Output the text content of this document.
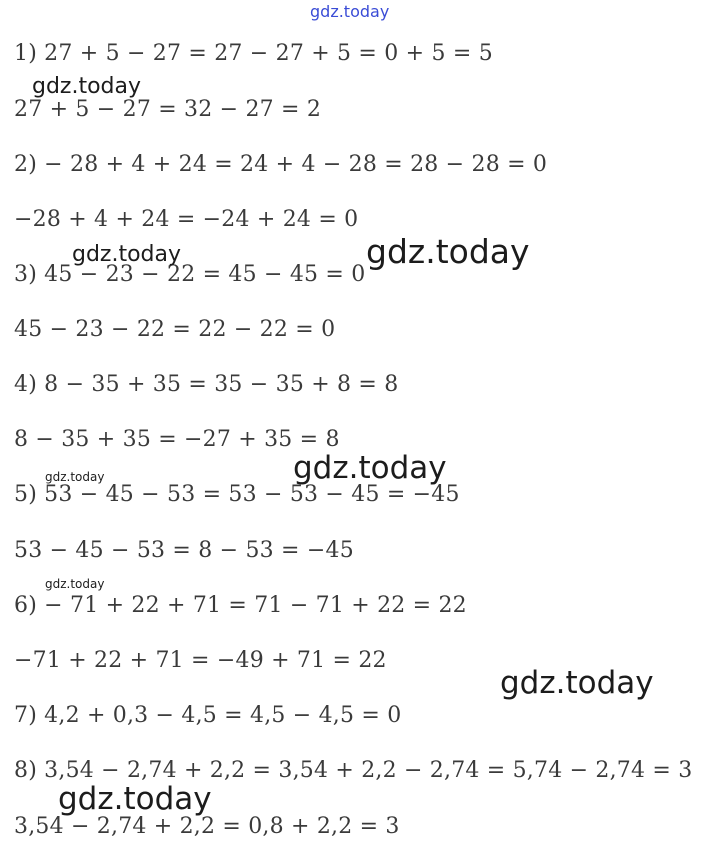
gdz.today
1) 27 + 5 − 27 = 27 − 27 + 5 = 0 + 5 = 5
27 + 5 − 27 = 32 − 27 = 2
2) − 28 + 4 + 24 = 24 + 4 − 28 = 28 − 28 = 0
−28 + 4 + 24 = −24 + 24 = 0
3) 45 − 23 − 22 = 45 − 45 = 0
45 − 23 − 22 = 22 − 22 = 0
4) 8 − 35 + 35 = 35 − 35 + 8 = 8
8 − 35 + 35 = −27 + 35 = 8
5) 53 − 45 − 53 = 53 − 53 − 45 = −45
53 − 45 − 53 = 8 − 53 = −45
6) − 71 + 22 + 71 = 71 − 71 + 22 = 22
−71 + 22 + 71 = −49 + 71 = 22
7) 4,2 + 0,3 − 4,5 = 4,5 − 4,5 = 0
8) 3,54 − 2,74 + 2,2 = 3,54 + 2,2 − 2,74 = 5,74 − 2,74 = 3
3,54 − 2,74 + 2,2 = 0,8 + 2,2 = 3
gdz.today
gdz.today	gdz.today
gdz.today
gdz.today
gdz.today
gdz.today
gdz.today
